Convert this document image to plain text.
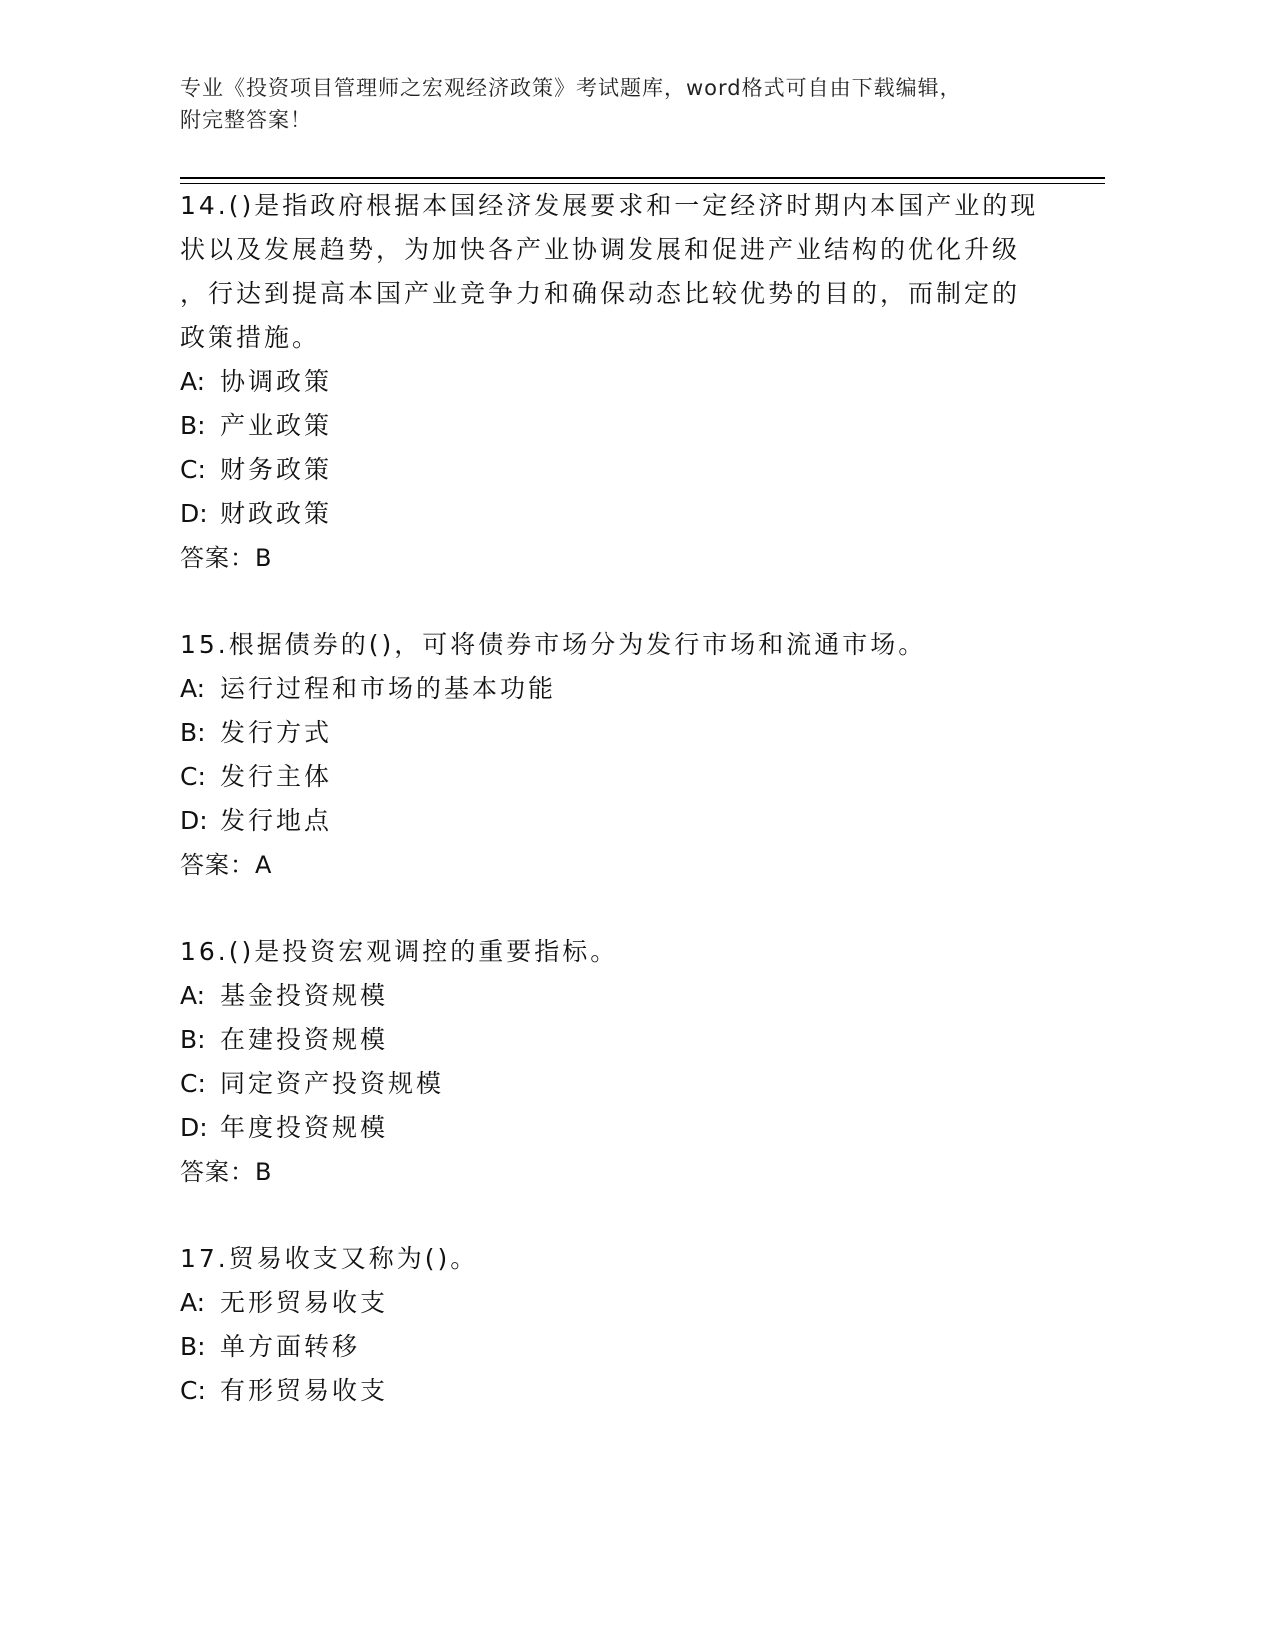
专业《投资项目管理师之宏观经济政策》考试题库，word格式可自由下载编辑，
附完整答案！
14.()是指政府根据本国经济发展要求和一定经济时期内本国产业的现
状以及发展趋势，为加快各产业协调发展和促进产业结构的优化升级
，行达到提高本国产业竞争力和确保动态比较优势的目的，而制定的
政策措施。
A: 协调政策
B: 产业政策
C: 财务政策
D: 财政政策
答案：B
15.根据债券的()，可将债券市场分为发行市场和流通市场。
A: 运行过程和市场的基本功能
B: 发行方式
C: 发行主体
D: 发行地点
答案：A
16.()是投资宏观调控的重要指标。
A: 基金投资规模
B: 在建投资规模
C: 同定资产投资规模
D: 年度投资规模
答案：B
17.贸易收支又称为()。
A: 无形贸易收支
B: 单方面转移
C: 有形贸易收支
